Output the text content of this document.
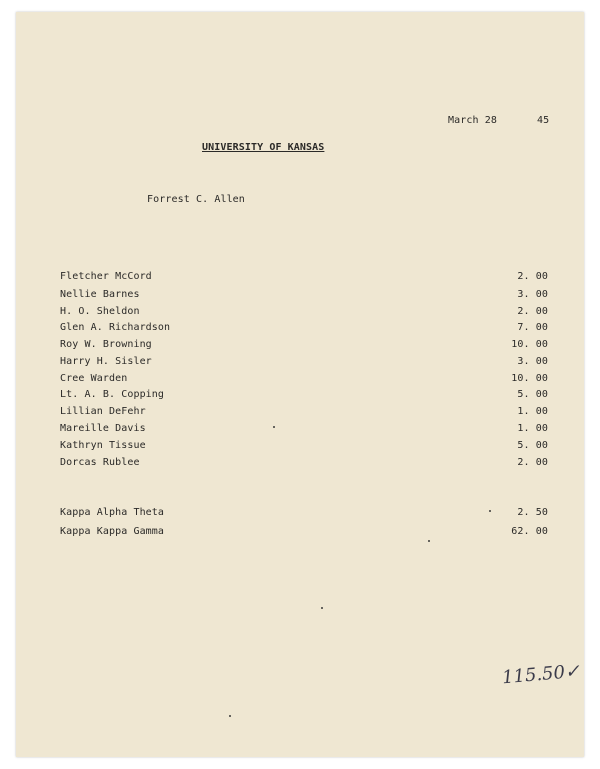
March 28	45
UNIVERSITY OF KANSAS
Forrest C. Allen
Fletcher McCord	2. 00
Nellie Barnes	3. 00
H. O. Sheldon	2. 00
Glen A. Richardson	7. 00
Roy W. Browning	10. 00
Harry H. Sisler	3. 00
Cree Warden	10. 00
Lt. A. B. Copping	5. 00
Lillian DeFehr	1. 00
Mareille Davis	1. 00
Kathryn Tissue	5. 00
Dorcas Rublee	2. 00
Kappa Alpha Theta	2. 50
Kappa Kappa Gamma	62. 00
115.50✓
